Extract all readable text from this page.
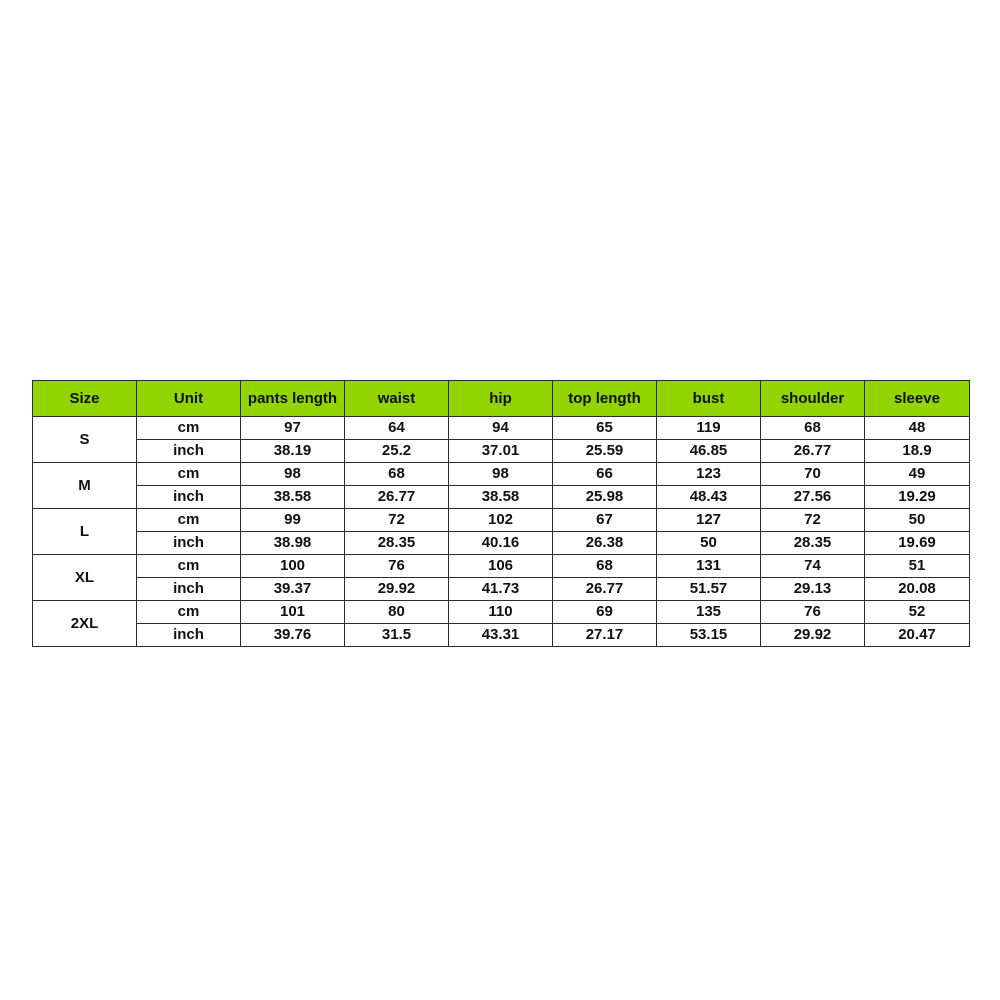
Size	Unit	pants length	waist	hip	top length	bust	shoulder	sleeve
S	cm	97	64	94	65	119	68	48
	inch	38.19	25.2	37.01	25.59	46.85	26.77	18.9
M	cm	98	68	98	66	123	70	49
	inch	38.58	26.77	38.58	25.98	48.43	27.56	19.29
L	cm	99	72	102	67	127	72	50
	inch	38.98	28.35	40.16	26.38	50	28.35	19.69
XL	cm	100	76	106	68	131	74	51
	inch	39.37	29.92	41.73	26.77	51.57	29.13	20.08
2XL	cm	101	80	110	69	135	76	52
	inch	39.76	31.5	43.31	27.17	53.15	29.92	20.47
